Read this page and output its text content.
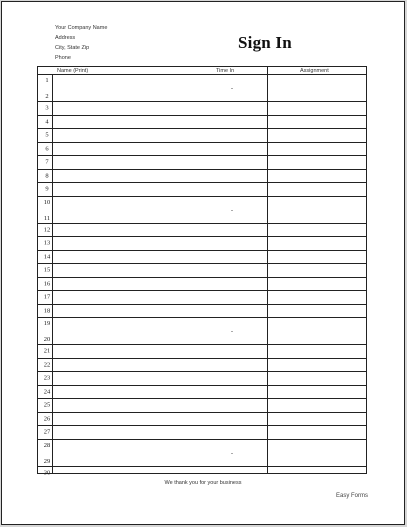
Your Company Name
Address
City, State Zip
Phone
Sign In
Name (Print)	Time In	Assignment
1
2
3
4
5
6
7
8
9
10
11
12
13
14
15
16
17
18
19
20
21
22
23
24
25
26
27
28
29
30
We thank you for your business
Easy Forms
